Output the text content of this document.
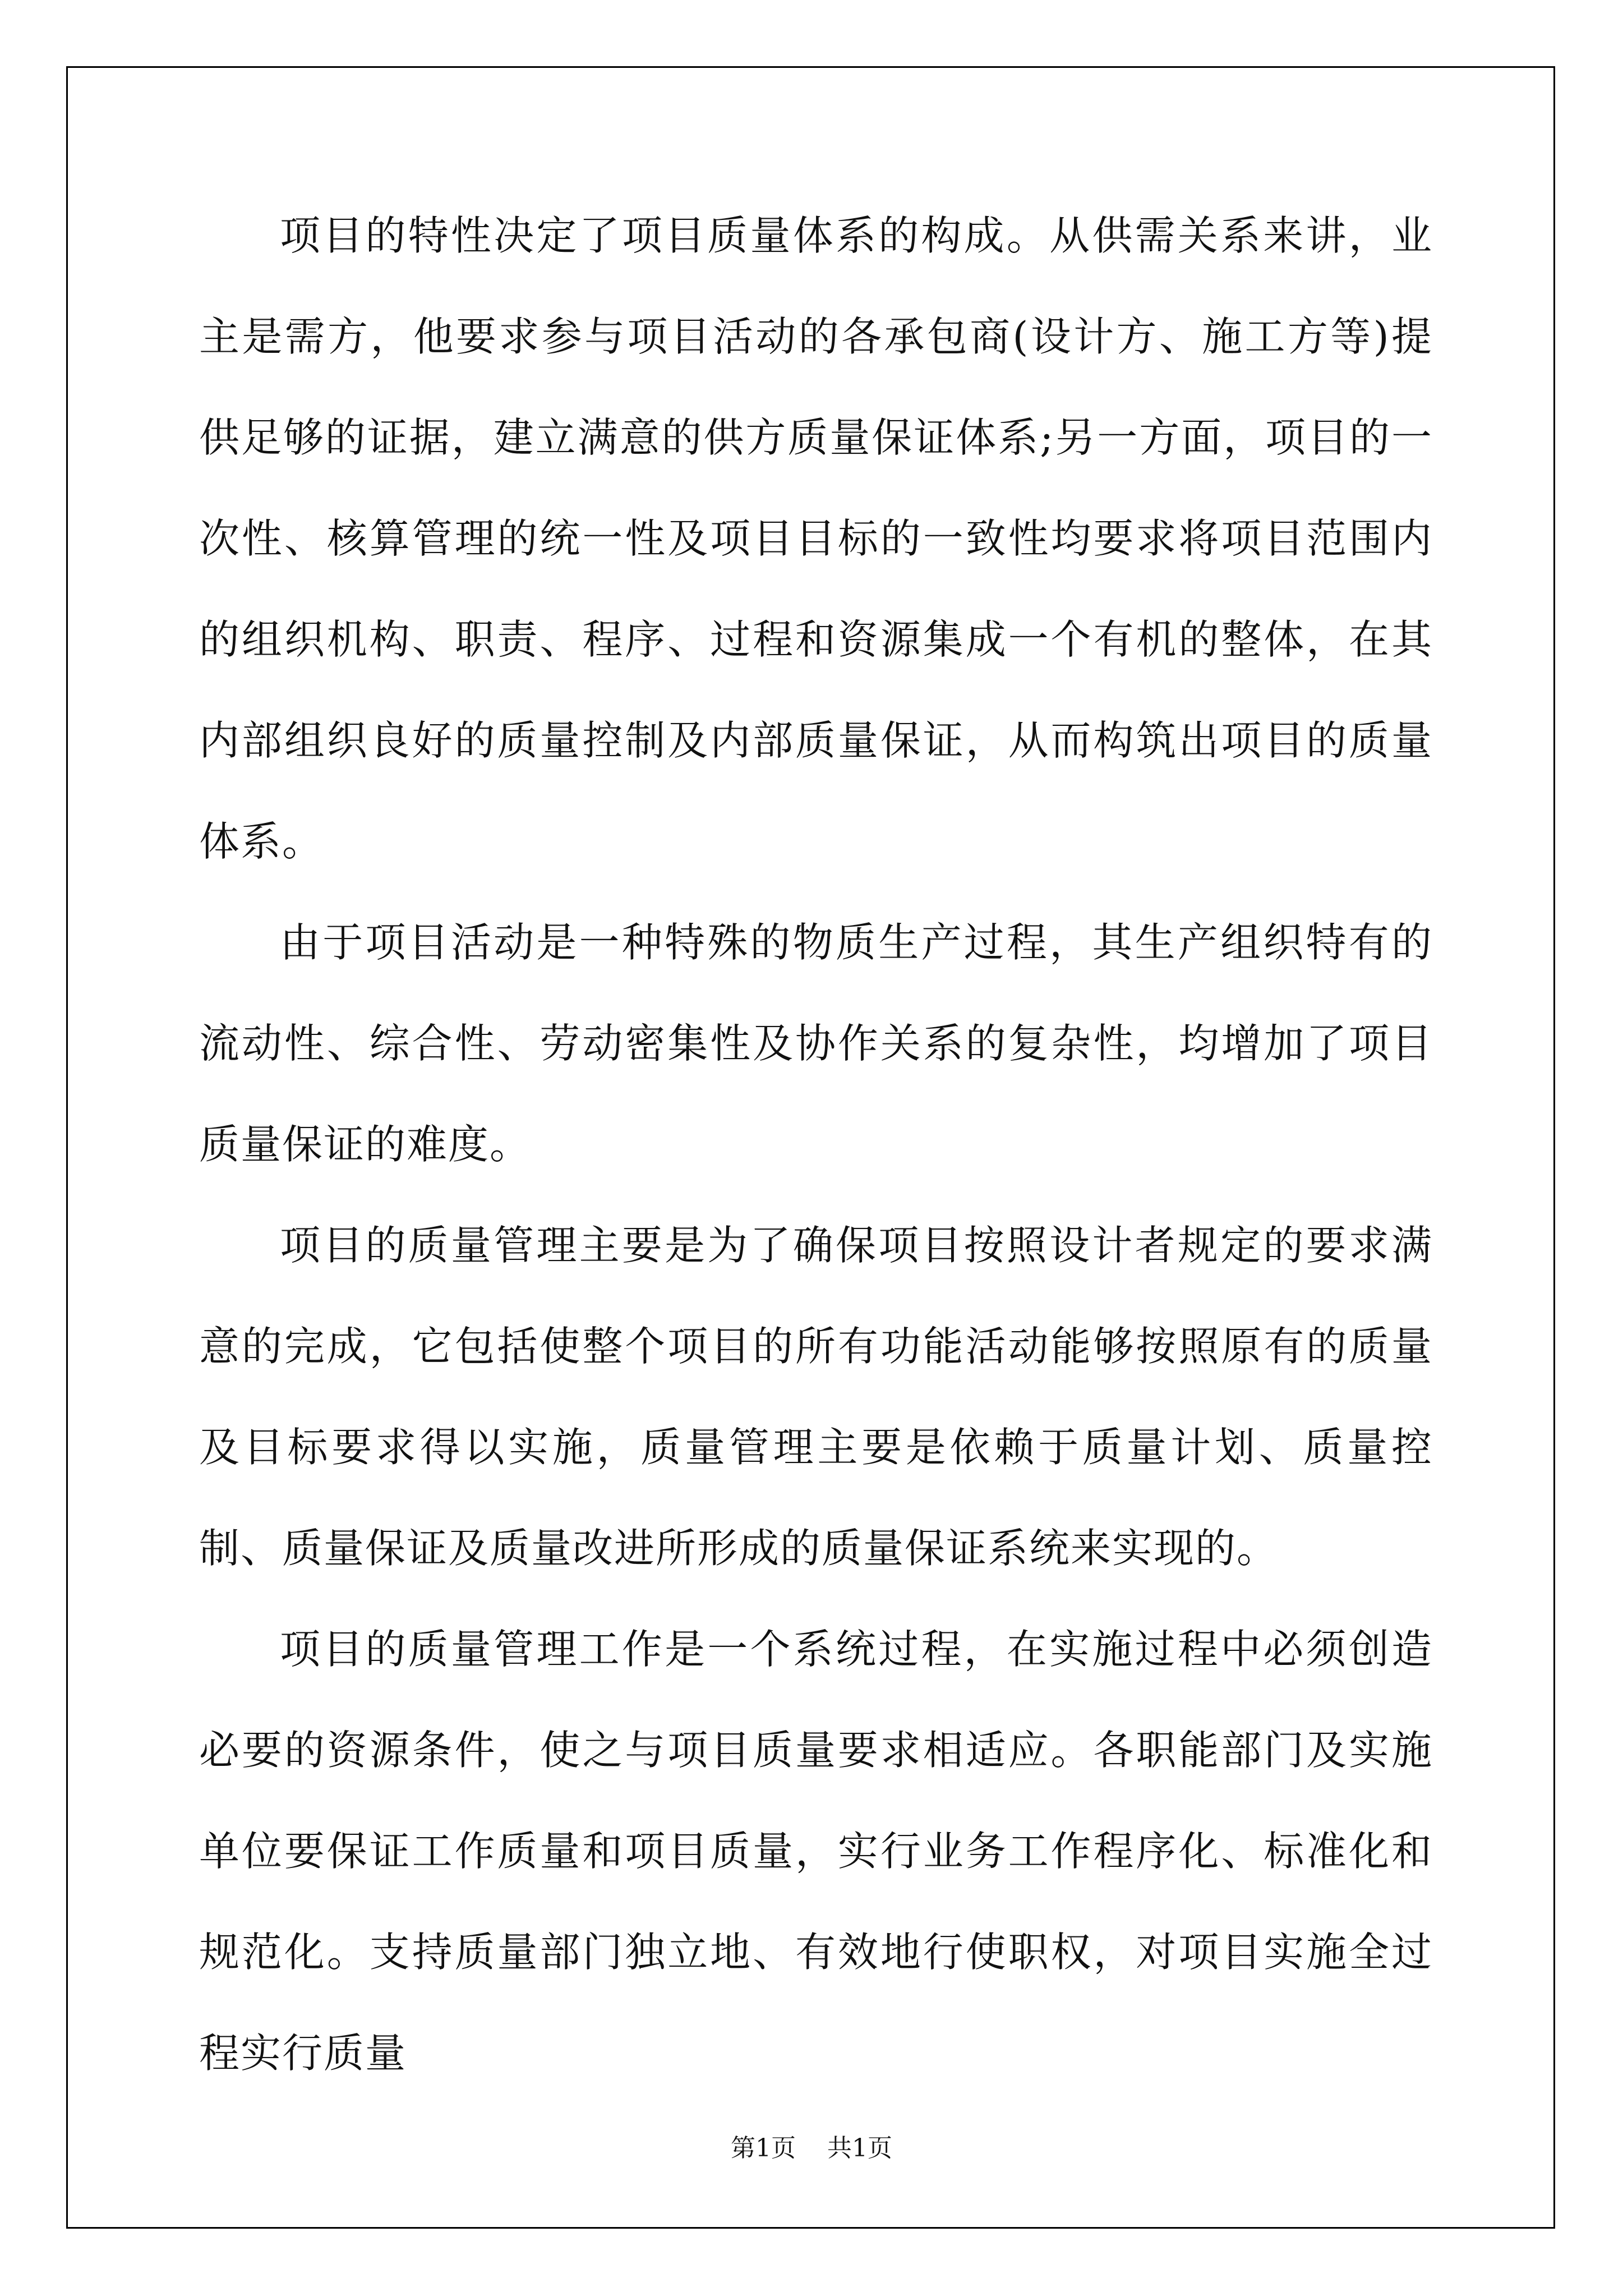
项目的特性决定了项目质量体系的构成。从供需关系来讲，业主是需方，他要求参与项目活动的各承包商(设计方、施工方等)提供足够的证据，建立满意的供方质量保证体系;另一方面，项目的一次性、核算管理的统一性及项目目标的一致性均要求将项目范围内的组织机构、职责、程序、过程和资源集成一个有机的整体，在其内部组织良好的质量控制及内部质量保证，从而构筑出项目的质量体系。

由于项目活动是一种特殊的物质生产过程，其生产组织特有的流动性、综合性、劳动密集性及协作关系的复杂性，均增加了项目质量保证的难度。

项目的质量管理主要是为了确保项目按照设计者规定的要求满意的完成，它包括使整个项目的所有功能活动能够按照原有的质量及目标要求得以实施，质量管理主要是依赖于质量计划、质量控制、质量保证及质量改进所形成的质量保证系统来实现的。

项目的质量管理工作是一个系统过程，在实施过程中必须创造必要的资源条件，使之与项目质量要求相适应。各职能部门及实施单位要保证工作质量和项目质量，实行业务工作程序化、标准化和规范化。支持质量部门独立地、有效地行使职权，对项目实施全过程实行质量

第1页 共1页
